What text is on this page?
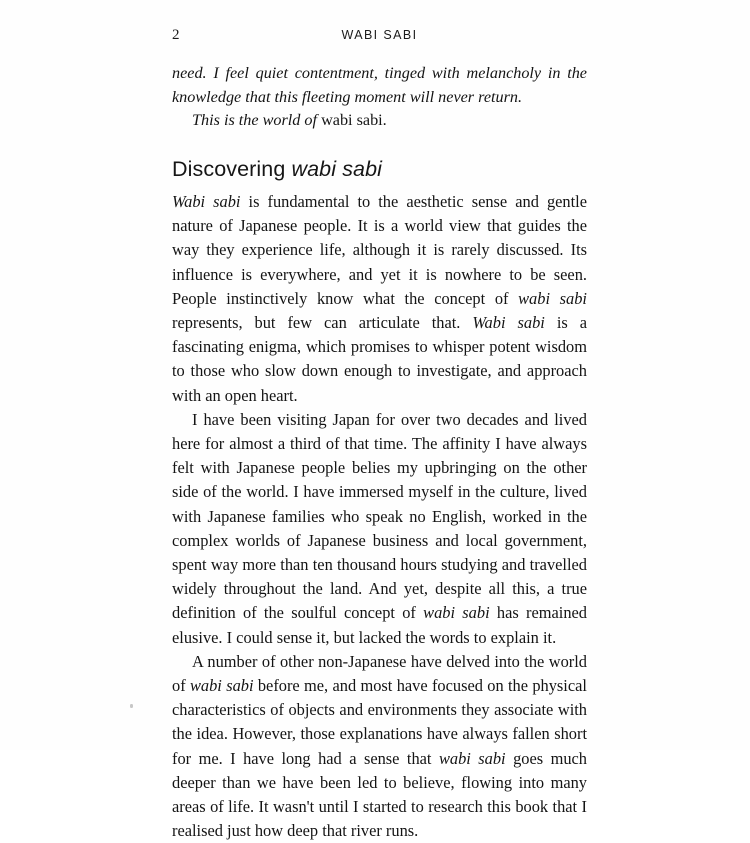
2	WABI SABI

need. I feel quiet contentment, tinged with melancholy in the knowledge that this fleeting moment will never return.

This is the world of wabi sabi.

Discovering wabi sabi

Wabi sabi is fundamental to the aesthetic sense and gentle nature of Japanese people. It is a world view that guides the way they experience life, although it is rarely discussed. Its influence is everywhere, and yet it is nowhere to be seen. People instinctively know what the concept of wabi sabi represents, but few can articulate that. Wabi sabi is a fascinating enigma, which promises to whisper potent wisdom to those who slow down enough to investigate, and approach with an open heart.

I have been visiting Japan for over two decades and lived here for almost a third of that time. The affinity I have always felt with Japanese people belies my upbringing on the other side of the world. I have immersed myself in the culture, lived with Japanese families who speak no English, worked in the complex worlds of Japanese business and local government, spent way more than ten thousand hours studying and travelled widely throughout the land. And yet, despite all this, a true definition of the soulful concept of wabi sabi has remained elusive. I could sense it, but lacked the words to explain it.

A number of other non-Japanese have delved into the world of wabi sabi before me, and most have focused on the physical characteristics of objects and environments they associate with the idea. However, those explanations have always fallen short for me. I have long had a sense that wabi sabi goes much deeper than we have been led to believe, flowing into many areas of life. It wasn't until I started to research this book that I realised just how deep that river runs.
